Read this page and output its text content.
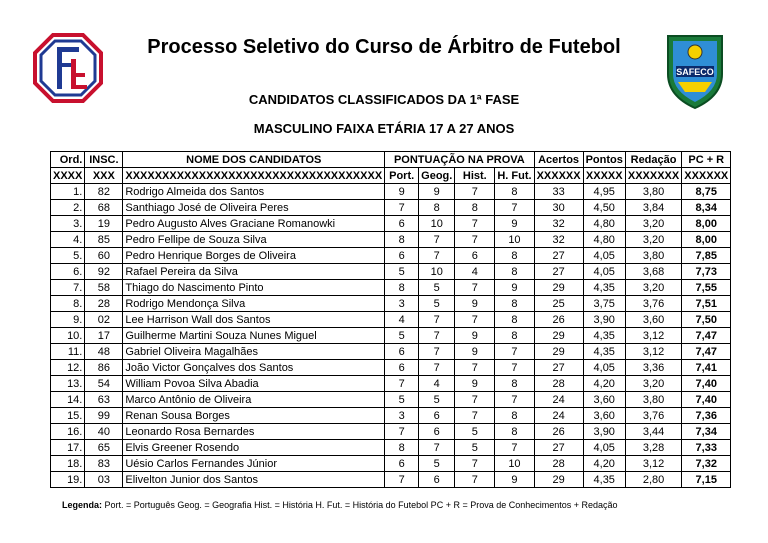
SAFECO
Processo Seletivo do Curso de Árbitro de Futebol
CANDIDATOS CLASSIFICADOS DA 1ª FASE
MASCULINO FAIXA ETÁRIA 17 A 27 ANOS
Ord.	INSC.	NOME DOS CANDIDATOS	PONTUAÇÃO NA PROVA				Acertos	Pontos	Redação	PC + R
XXXX	XXX	XXXXXXXXXXXXXXXXXXXXXXXXXXXXXXXXXXX	Port.	Geog.	Hist.	H. Fut.	XXXXXX	XXXXX	XXXXXXX	XXXXXX
1.	82	Rodrigo Almeida dos Santos	9	9	7	8	33	4,95	3,80	8,75
2.	68	Santhiago José de Oliveira Peres	7	8	8	7	30	4,50	3,84	8,34
3.	19	Pedro Augusto Alves Graciane Romanowki	6	10	7	9	32	4,80	3,20	8,00
4.	85	Pedro Fellipe de Souza Silva	8	7	7	10	32	4,80	3,20	8,00
5.	60	Pedro Henrique Borges de Oliveira	6	7	6	8	27	4,05	3,80	7,85
6.	92	Rafael Pereira da Silva	5	10	4	8	27	4,05	3,68	7,73
7.	58	Thiago do Nascimento Pinto	8	5	7	9	29	4,35	3,20	7,55
8.	28	Rodrigo Mendonça Silva	3	5	9	8	25	3,75	3,76	7,51
9.	02	Lee Harrison Wall dos Santos	4	7	7	8	26	3,90	3,60	7,50
10.	17	Guilherme Martini Souza Nunes Miguel	5	7	9	8	29	4,35	3,12	7,47
11.	48	Gabriel Oliveira Magalhães	6	7	9	7	29	4,35	3,12	7,47
12.	86	João Victor Gonçalves dos Santos	6	7	7	7	27	4,05	3,36	7,41
13.	54	William Povoa Silva Abadia	7	4	9	8	28	4,20	3,20	7,40
14.	63	Marco Antônio de Oliveira	5	5	7	7	24	3,60	3,80	7,40
15.	99	Renan Sousa Borges	3	6	7	8	24	3,60	3,76	7,36
16.	40	Leonardo Rosa Bernardes	7	6	5	8	26	3,90	3,44	7,34
17.	65	Elvis Greener Rosendo	8	7	5	7	27	4,05	3,28	7,33
18.	83	Uésio Carlos Fernandes Júnior	6	5	7	10	28	4,20	3,12	7,32
19.	03	Elivelton Junior dos Santos	7	6	7	9	29	4,35	2,80	7,15
Legenda: Port. = Português Geog. = Geografia Hist. = História H. Fut. = História do Futebol PC + R = Prova de Conhecimentos + Redação
